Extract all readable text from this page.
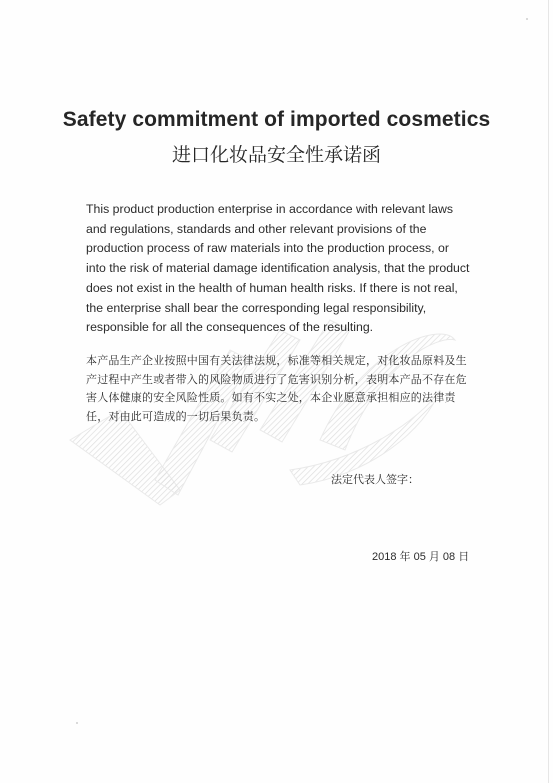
Safety commitment of imported cosmetics
进口化妆品安全性承诺函

This product production enterprise in accordance with relevant laws and regulations, standards and other relevant provisions of the production process of raw materials into the production process, or into the risk of material damage identification analysis, that the product does not exist in the health of human health risks. If there is not real, the enterprise shall bear the corresponding legal responsibility, responsible for all the consequences of the resulting.

本产品生产企业按照中国有关法律法规，标准等相关规定，对化妆品原料及生产过程中产生或者带入的风险物质进行了危害识别分析，表明本产品不存在危害人体健康的安全风险性质。如有不实之处，本企业愿意承担相应的法律责任，对由此可造成的一切后果负责。

法定代表人签字：
2018 年 05 月 08 日
